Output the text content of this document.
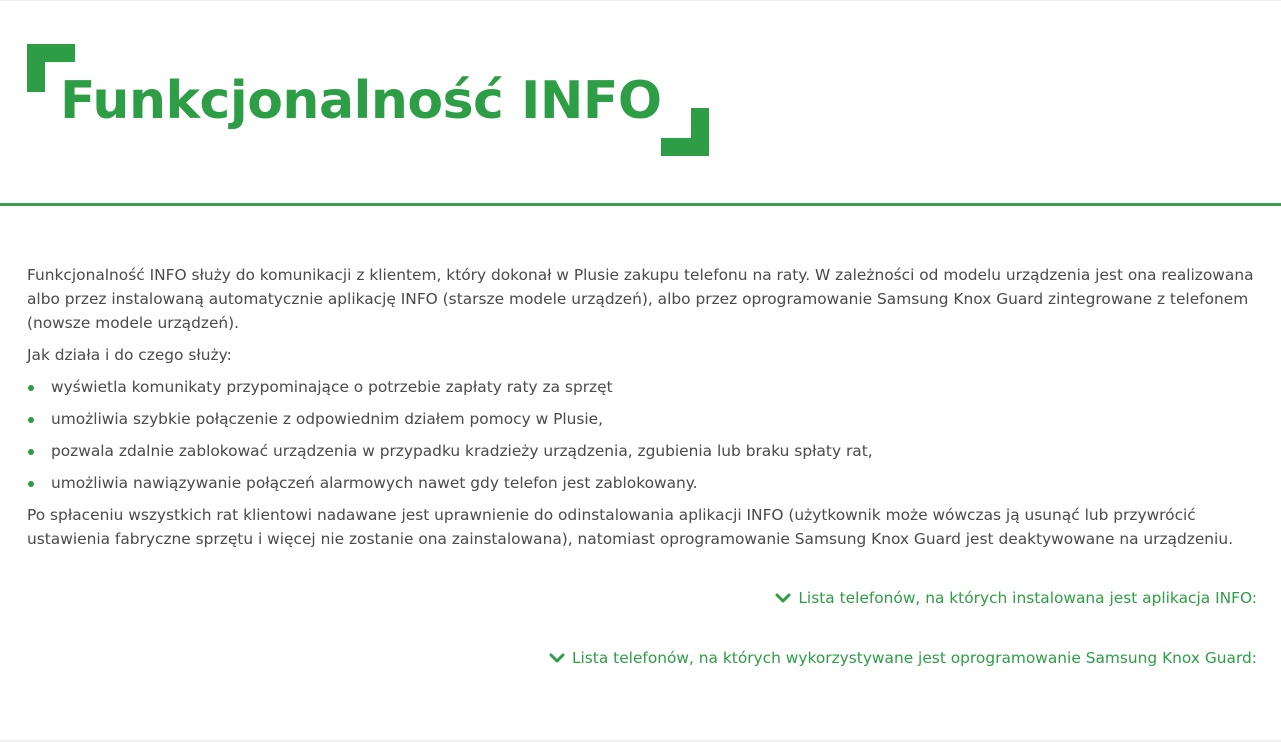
Funkcjonalność INFO

Funkcjonalność INFO służy do komunikacji z klientem, który dokonał w Plusie zakupu telefonu na raty. W zależności od modelu urządzenia jest ona realizowana albo przez instalowaną automatycznie aplikację INFO (starsze modele urządzeń), albo przez oprogramowanie Samsung Knox Guard zintegrowane z telefonem (nowsze modele urządzeń).

Jak działa i do czego służy:

wyświetla komunikaty przypominające o potrzebie zapłaty raty za sprzęt
umożliwia szybkie połączenie z odpowiednim działem pomocy w Plusie,
pozwala zdalnie zablokować urządzenia w przypadku kradzieży urządzenia, zgubienia lub braku spłaty rat,
umożliwia nawiązywanie połączeń alarmowych nawet gdy telefon jest zablokowany.

Po spłaceniu wszystkich rat klientowi nadawane jest uprawnienie do odinstalowania aplikacji INFO (użytkownik może wówczas ją usunąć lub przywrócić ustawienia fabryczne sprzętu i więcej nie zostanie ona zainstalowana), natomiast oprogramowanie Samsung Knox Guard jest deaktywowane na urządzeniu.

Lista telefonów, na których instalowana jest aplikacja INFO:
Lista telefonów, na których wykorzystywane jest oprogramowanie Samsung Knox Guard:
